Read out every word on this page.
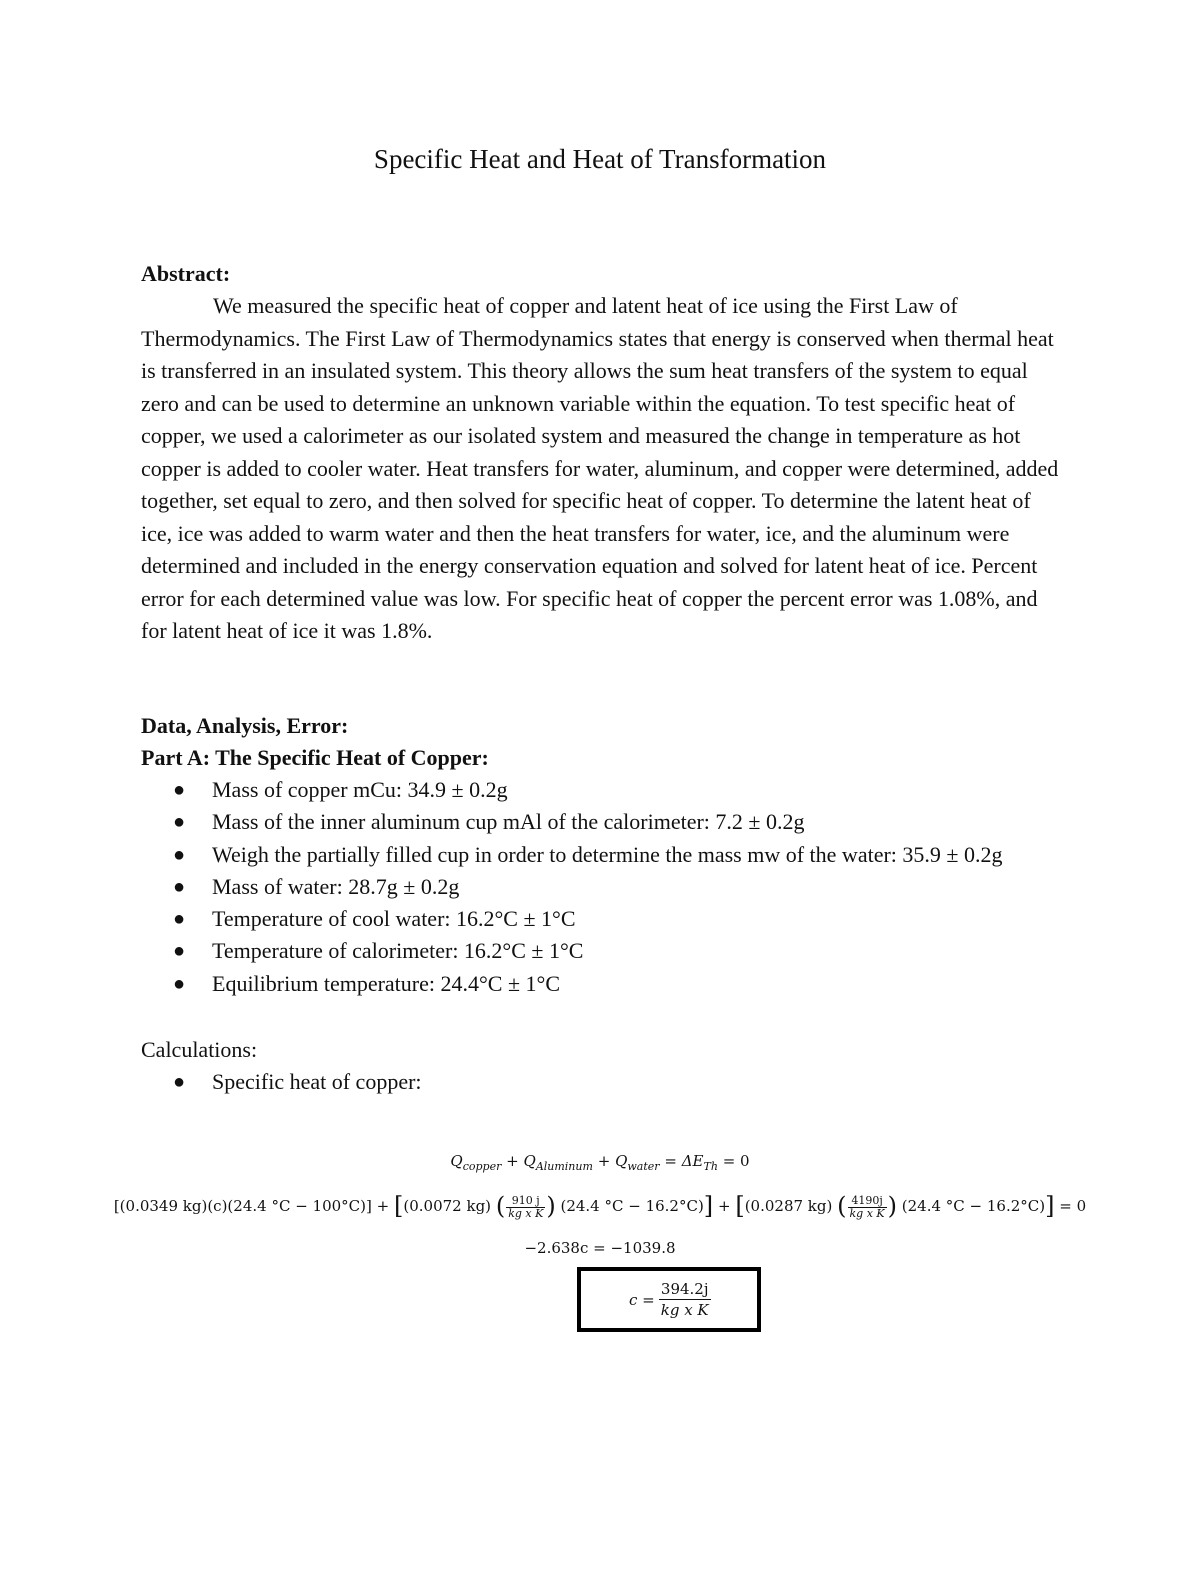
Specific Heat and Heat of Transformation

Abstract:

We measured the specific heat of copper and latent heat of ice using the First Law of Thermodynamics. The First Law of Thermodynamics states that energy is conserved when thermal heat is transferred in an insulated system. This theory allows the sum heat transfers of the system to equal zero and can be used to determine an unknown variable within the equation. To test specific heat of copper, we used a calorimeter as our isolated system and measured the change in temperature as hot copper is added to cooler water. Heat transfers for water, aluminum, and copper were determined, added together, set equal to zero, and then solved for specific heat of copper. To determine the latent heat of ice, ice was added to warm water and then the heat transfers for water, ice, and the aluminum were determined and included in the energy conservation equation and solved for latent heat of ice. Percent error for each determined value was low. For specific heat of copper the percent error was 1.08%, and for latent heat of ice it was 1.8%.

Data, Analysis, Error:

Part A: The Specific Heat of Copper:

● Mass of copper mCu: 34.9 ± 0.2g
● Mass of the inner aluminum cup mAl of the calorimeter: 7.2 ± 0.2g
● Weigh the partially filled cup in order to determine the mass mw of the water: 35.9 ± 0.2g
● Mass of water: 28.7g ± 0.2g
● Temperature of cool water: 16.2°C ± 1°C
● Temperature of calorimeter: 16.2°C ± 1°C
● Equilibrium temperature: 24.4°C ± 1°C

Calculations:

● Specific heat of copper:
$Q_{copper} + Q_{Aluminum} + Q_{water} = \Delta E_{Th} = 0$
[(0.0349 kg)(c)(24.4 °C − 100°C)] + [(0.0072 kg) ( $\frac{910 j}{\text{kg x K}}$ ) (24.4 °C − 16.2°C)] + [(0.0287 kg) ( $\frac{4190j}{\text{kg x K}}$ ) (24.4 °C − 16.2°C)] = 0
−2.638c = −1039.8
$c = \frac{394.2j}{\text{kg x K}}$
